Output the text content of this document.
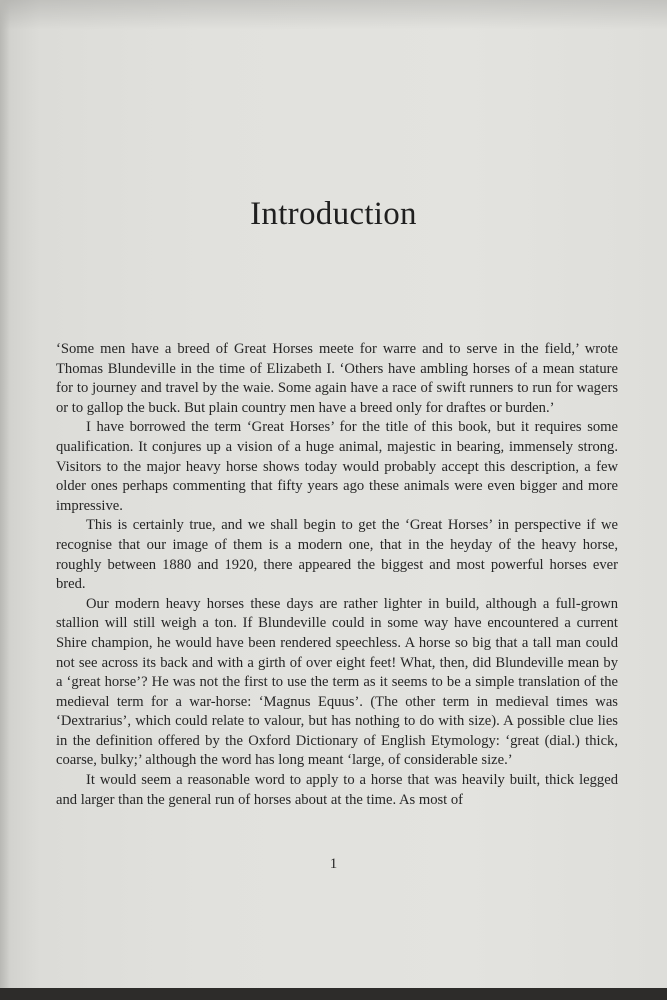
Introduction

‘Some men have a breed of Great Horses meete for warre and to serve in the field,’ wrote Thomas Blundeville in the time of Elizabeth I. ‘Others have ambling horses of a mean stature for to journey and travel by the waie. Some again have a race of swift runners to run for wagers or to gallop the buck. But plain country men have a breed only for draftes or burden.’

I have borrowed the term ‘Great Horses’ for the title of this book, but it requires some qualification. It conjures up a vision of a huge animal, majestic in bearing, immensely strong. Visitors to the major heavy horse shows today would probably accept this description, a few older ones perhaps commenting that fifty years ago these animals were even bigger and more impressive.

This is certainly true, and we shall begin to get the ‘Great Horses’ in perspective if we recognise that our image of them is a modern one, that in the heyday of the heavy horse, roughly between 1880 and 1920, there appeared the biggest and most powerful horses ever bred.

Our modern heavy horses these days are rather lighter in build, although a full-grown stallion will still weigh a ton. If Blundeville could in some way have encountered a current Shire champion, he would have been rendered speechless. A horse so big that a tall man could not see across its back and with a girth of over eight feet! What, then, did Blundeville mean by a ‘great horse’? He was not the first to use the term as it seems to be a simple translation of the medieval term for a war-horse: ‘Magnus Equus’. (The other term in medieval times was ‘Dextrarius’, which could relate to valour, but has nothing to do with size). A possible clue lies in the definition offered by the Oxford Dictionary of English Etymology: ‘great (dial.) thick, coarse, bulky;’ although the word has long meant ‘large, of considerable size.’

It would seem a reasonable word to apply to a horse that was heavily built, thick legged and larger than the general run of horses about at the time. As most of

1
